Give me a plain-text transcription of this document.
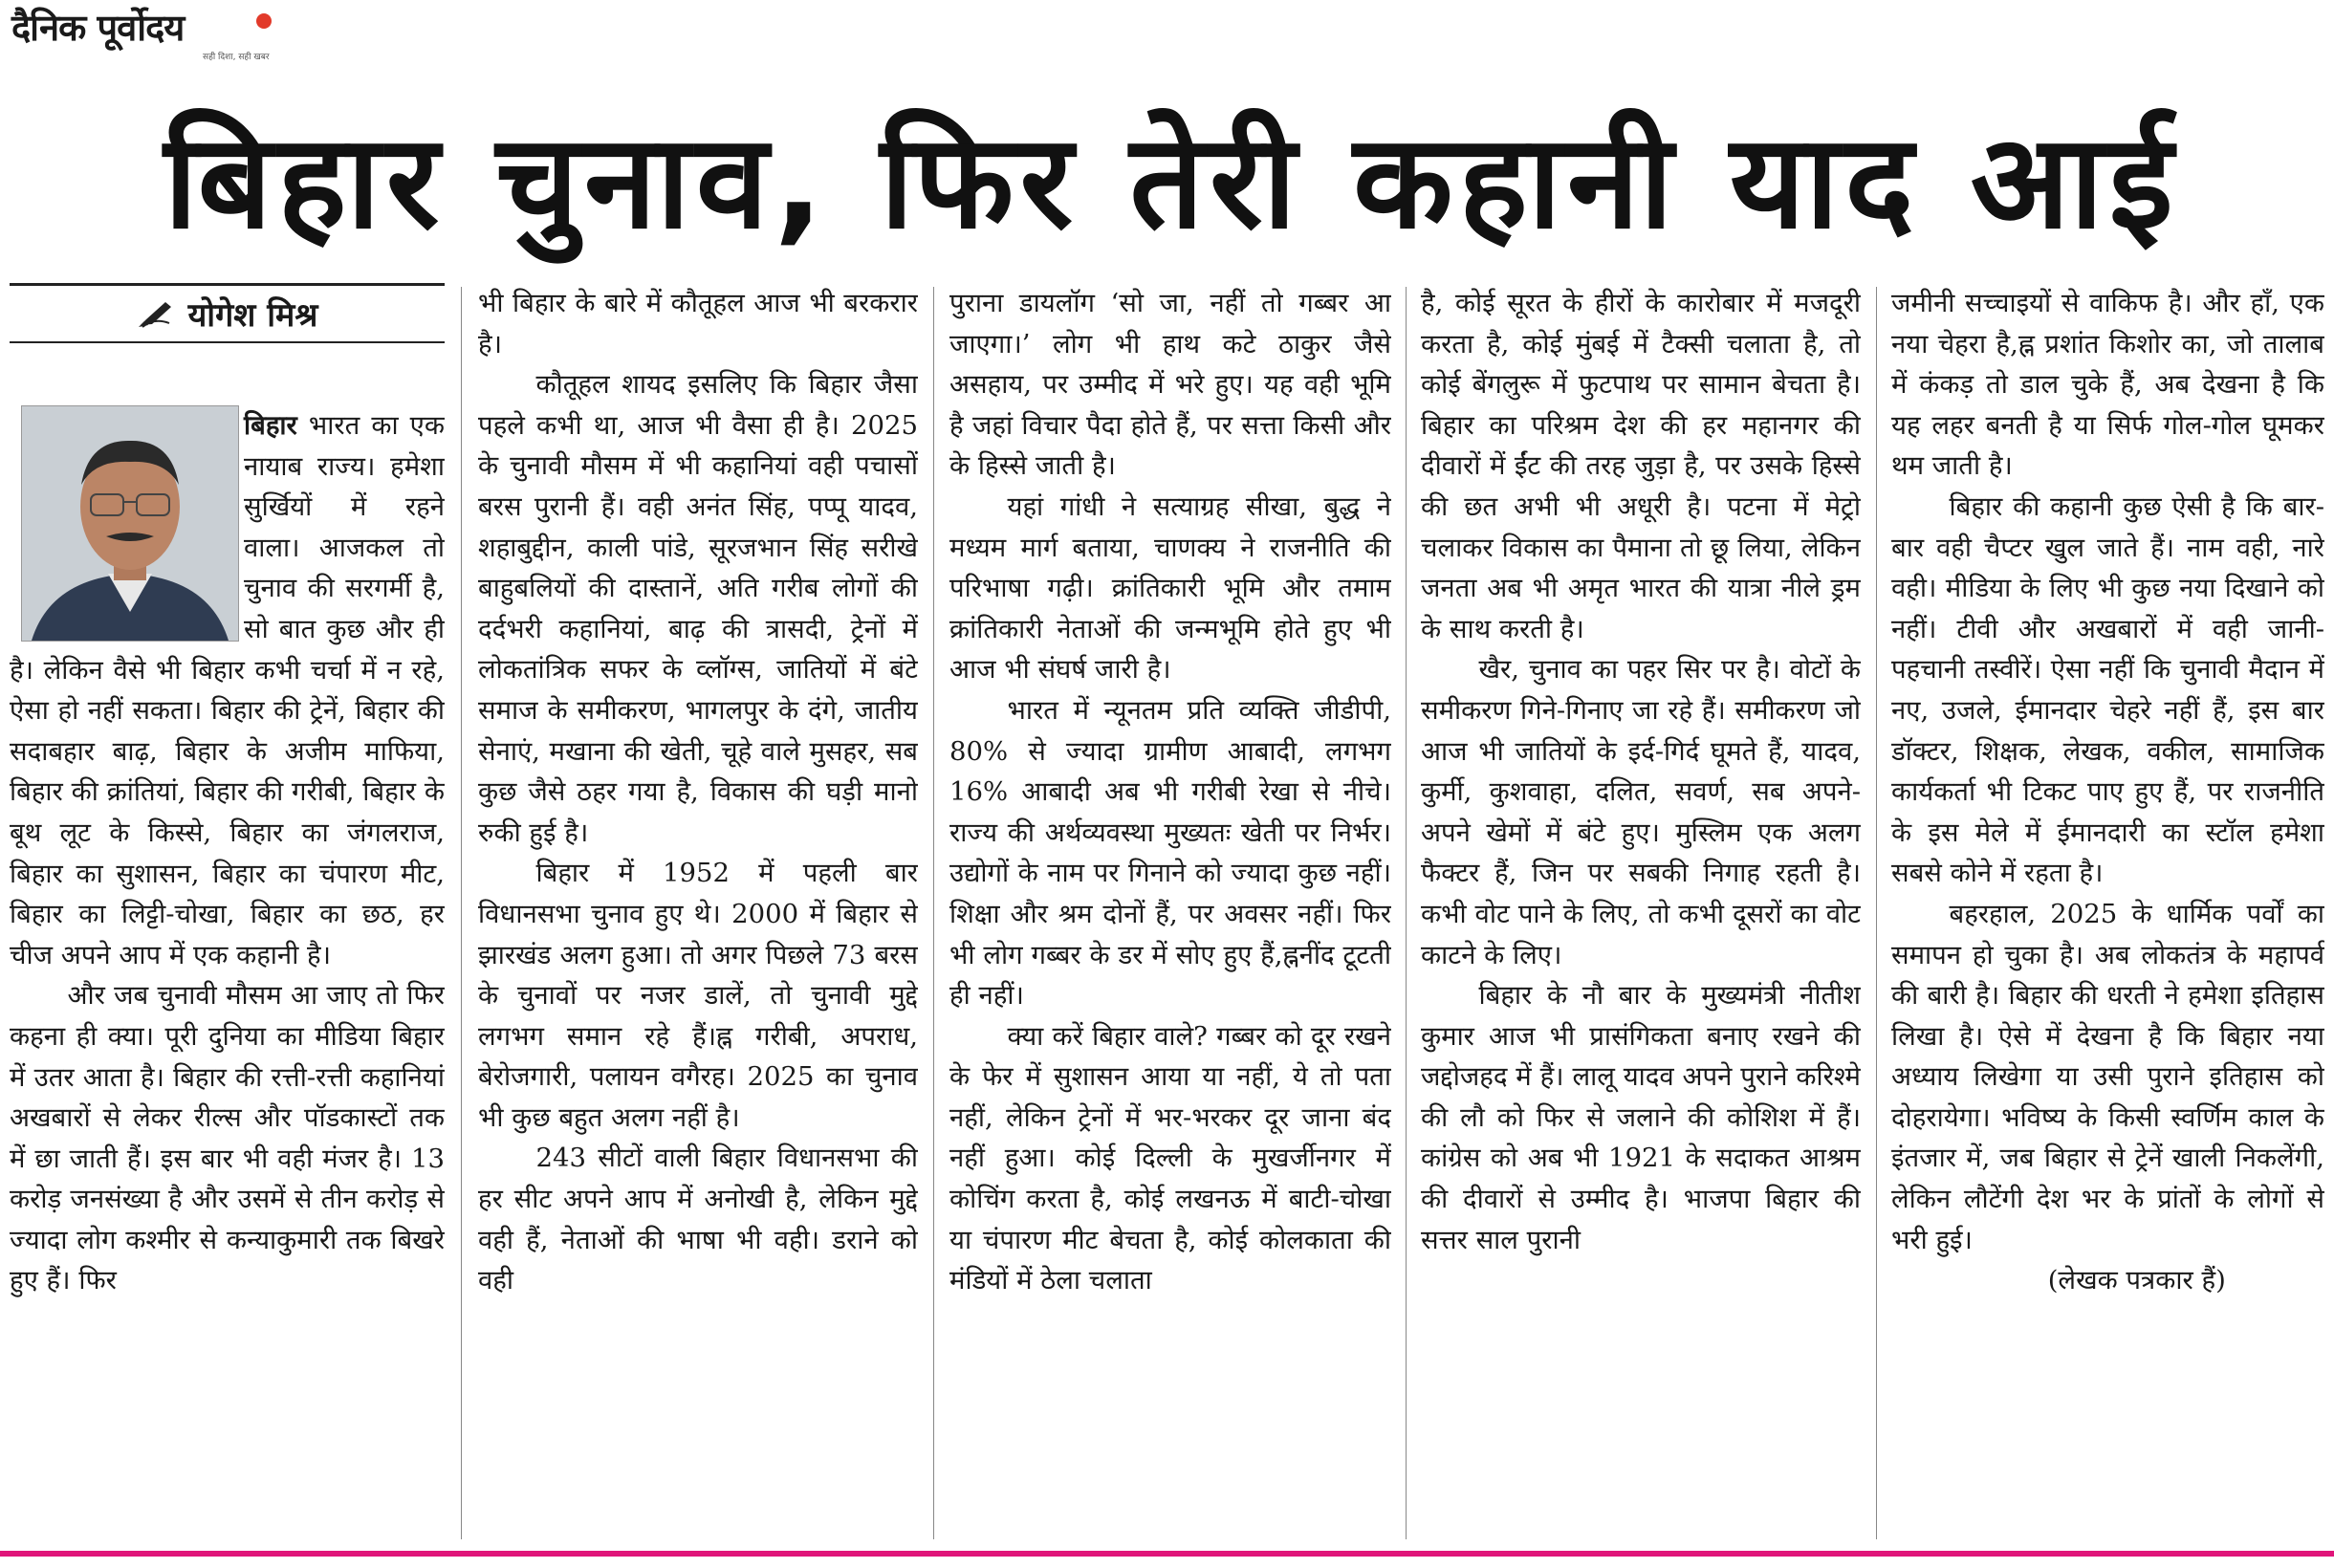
दैनिक पूर्वोदय
सही दिशा, सही खबर
बिहार चुनाव, फिर तेरी कहानी याद आई
योगेश मिश्र

बिहार भारत का एक नायाब राज्य। हमेशा सुर्खियों में रहने वाला। आजकल तो चुनाव की सरगर्मी है, सो बात कुछ और ही है। लेकिन वैसे भी बिहार कभी चर्चा में न रहे, ऐसा हो नहीं सकता। बिहार की ट्रेनें, बिहार की सदाबहार बाढ़, बिहार के अजीम माफिया, बिहार की क्रांतियां, बिहार की गरीबी, बिहार के बूथ लूट के किस्से, बिहार का जंगलराज, बिहार का सुशासन, बिहार का चंपारण मीट, बिहार का लिट्टी-चोखा, बिहार का छठ, हर चीज अपने आप में एक कहानी है।

और जब चुनावी मौसम आ जाए तो फिर कहना ही क्या। पूरी दुनिया का मीडिया बिहार में उतर आता है। बिहार की रत्ती-रत्ती कहानियां अखबारों से लेकर रील्स और पॉडकास्टों तक में छा जाती हैं। इस बार भी वही मंजर है। 13 करोड़ जनसंख्या है और उसमें से तीन करोड़ से ज्यादा लोग कश्मीर से कन्याकुमारी तक बिखरे हुए हैं। फिर

भी बिहार के बारे में कौतूहल आज भी बरकरार है।

कौतूहल शायद इसलिए कि बिहार जैसा पहले कभी था, आज भी वैसा ही है। 2025 के चुनावी मौसम में भी कहानियां वही पचासों बरस पुरानी हैं। वही अनंत सिंह, पप्पू यादव, शहाबुद्दीन, काली पांडे, सूरजभान सिंह सरीखे बाहुबलियों की दास्तानें, अति गरीब लोगों की दर्दभरी कहानियां, बाढ़ की त्रासदी, ट्रेनों में लोकतांत्रिक सफर के व्लॉग्स, जातियों में बंटे समाज के समीकरण, भागलपुर के दंगे, जातीय सेनाएं, मखाना की खेती, चूहे वाले मुसहर, सब कुछ जैसे ठहर गया है, विकास की घड़ी मानो रुकी हुई है।

बिहार में 1952 में पहली बार विधानसभा चुनाव हुए थे। 2000 में बिहार से झारखंड अलग हुआ। तो अगर पिछले 73 बरस के चुनावों पर नजर डालें, तो चुनावी मुद्दे लगभग समान रहे हैं।ह्न गरीबी, अपराध, बेरोजगारी, पलायन वगैरह। 2025 का चुनाव भी कुछ बहुत अलग नहीं है।

243 सीटों वाली बिहार विधानसभा की हर सीट अपने आप में अनोखी है, लेकिन मुद्दे वही हैं, नेताओं की भाषा भी वही। डराने को वही

पुराना डायलॉग ‘सो जा, नहीं तो गब्बर आ जाएगा।’ लोग भी हाथ कटे ठाकुर जैसे असहाय, पर उम्मीद में भरे हुए। यह वही भूमि है जहां विचार पैदा होते हैं, पर सत्ता किसी और के हिस्से जाती है।

यहां गांधी ने सत्याग्रह सीखा, बुद्ध ने मध्यम मार्ग बताया, चाणक्य ने राजनीति की परिभाषा गढ़ी। क्रांतिकारी भूमि और तमाम क्रांतिकारी नेताओं की जन्मभूमि होते हुए भी आज भी संघर्ष जारी है।

भारत में न्यूनतम प्रति व्यक्ति जीडीपी, 80% से ज्यादा ग्रामीण आबादी, लगभग 16% आबादी अब भी गरीबी रेखा से नीचे। राज्य की अर्थव्यवस्था मुख्यतः खेती पर निर्भर। उद्योगों के नाम पर गिनाने को ज्यादा कुछ नहीं। शिक्षा और श्रम दोनों हैं, पर अवसर नहीं। फिर भी लोग गब्बर के डर में सोए हुए हैं,ह्ननींद टूटती ही नहीं।

क्या करें बिहार वाले? गब्बर को दूर रखने के फेर में सुशासन आया या नहीं, ये तो पता नहीं, लेकिन ट्रेनों में भर-भरकर दूर जाना बंद नहीं हुआ। कोई दिल्ली के मुखर्जीनगर में कोचिंग करता है, कोई लखनऊ में बाटी-चोखा या चंपारण मीट बेचता है, कोई कोलकाता की मंडियों में ठेला चलाता

है, कोई सूरत के हीरों के कारोबार में मजदूरी करता है, कोई मुंबई में टैक्सी चलाता है, तो कोई बेंगलुरू में फुटपाथ पर सामान बेचता है। बिहार का परिश्रम देश की हर महानगर की दीवारों में ईंट की तरह जुड़ा है, पर उसके हिस्से की छत अभी भी अधूरी है। पटना में मेट्रो चलाकर विकास का पैमाना तो छू लिया, लेकिन जनता अब भी अमृत भारत की यात्रा नीले ड्रम के साथ करती है।

खैर, चुनाव का पहर सिर पर है। वोटों के समीकरण गिने-गिनाए जा रहे हैं। समीकरण जो आज भी जातियों के इर्द-गिर्द घूमते हैं, यादव, कुर्मी, कुशवाहा, दलित, सवर्ण, सब अपने-अपने खेमों में बंटे हुए। मुस्लिम एक अलग फैक्टर हैं, जिन पर सबकी निगाह रहती है। कभी वोट पाने के लिए, तो कभी दूसरों का वोट काटने के लिए।

बिहार के नौ बार के मुख्यमंत्री नीतीश कुमार आज भी प्रासंगिकता बनाए रखने की जद्दोजहद में हैं। लालू यादव अपने पुराने करिश्मे की लौ को फिर से जलाने की कोशिश में हैं। कांग्रेस को अब भी 1921 के सदाकत आश्रम की दीवारों से उम्मीद है। भाजपा बिहार की सत्तर साल पुरानी

जमीनी सच्चाइयों से वाकिफ है। और हाँ, एक नया चेहरा है,ह्न प्रशांत किशोर का, जो तालाब में कंकड़ तो डाल चुके हैं, अब देखना है कि यह लहर बनती है या सिर्फ गोल-गोल घूमकर थम जाती है।

बिहार की कहानी कुछ ऐसी है कि बार-बार वही चैप्टर खुल जाते हैं। नाम वही, नारे वही। मीडिया के लिए भी कुछ नया दिखाने को नहीं। टीवी और अखबारों में वही जानी-पहचानी तस्वीरें। ऐसा नहीं कि चुनावी मैदान में नए, उजले, ईमानदार चेहरे नहीं हैं, इस बार डॉक्टर, शिक्षक, लेखक, वकील, सामाजिक कार्यकर्ता भी टिकट पाए हुए हैं, पर राजनीति के इस मेले में ईमानदारी का स्टॉल हमेशा सबसे कोने में रहता है।

बहरहाल, 2025 के धार्मिक पर्वों का समापन हो चुका है। अब लोकतंत्र के महापर्व की बारी है। बिहार की धरती ने हमेशा इतिहास लिखा है। ऐसे में देखना है कि बिहार नया अध्याय लिखेगा या उसी पुराने इतिहास को दोहरायेगा। भविष्य के किसी स्वर्णिम काल के इंतजार में, जब बिहार से ट्रेनें खाली निकलेंगी, लेकिन लौटेंगी देश भर के प्रांतों के लोगों से भरी हुई।

(लेखक पत्रकार हैं)
